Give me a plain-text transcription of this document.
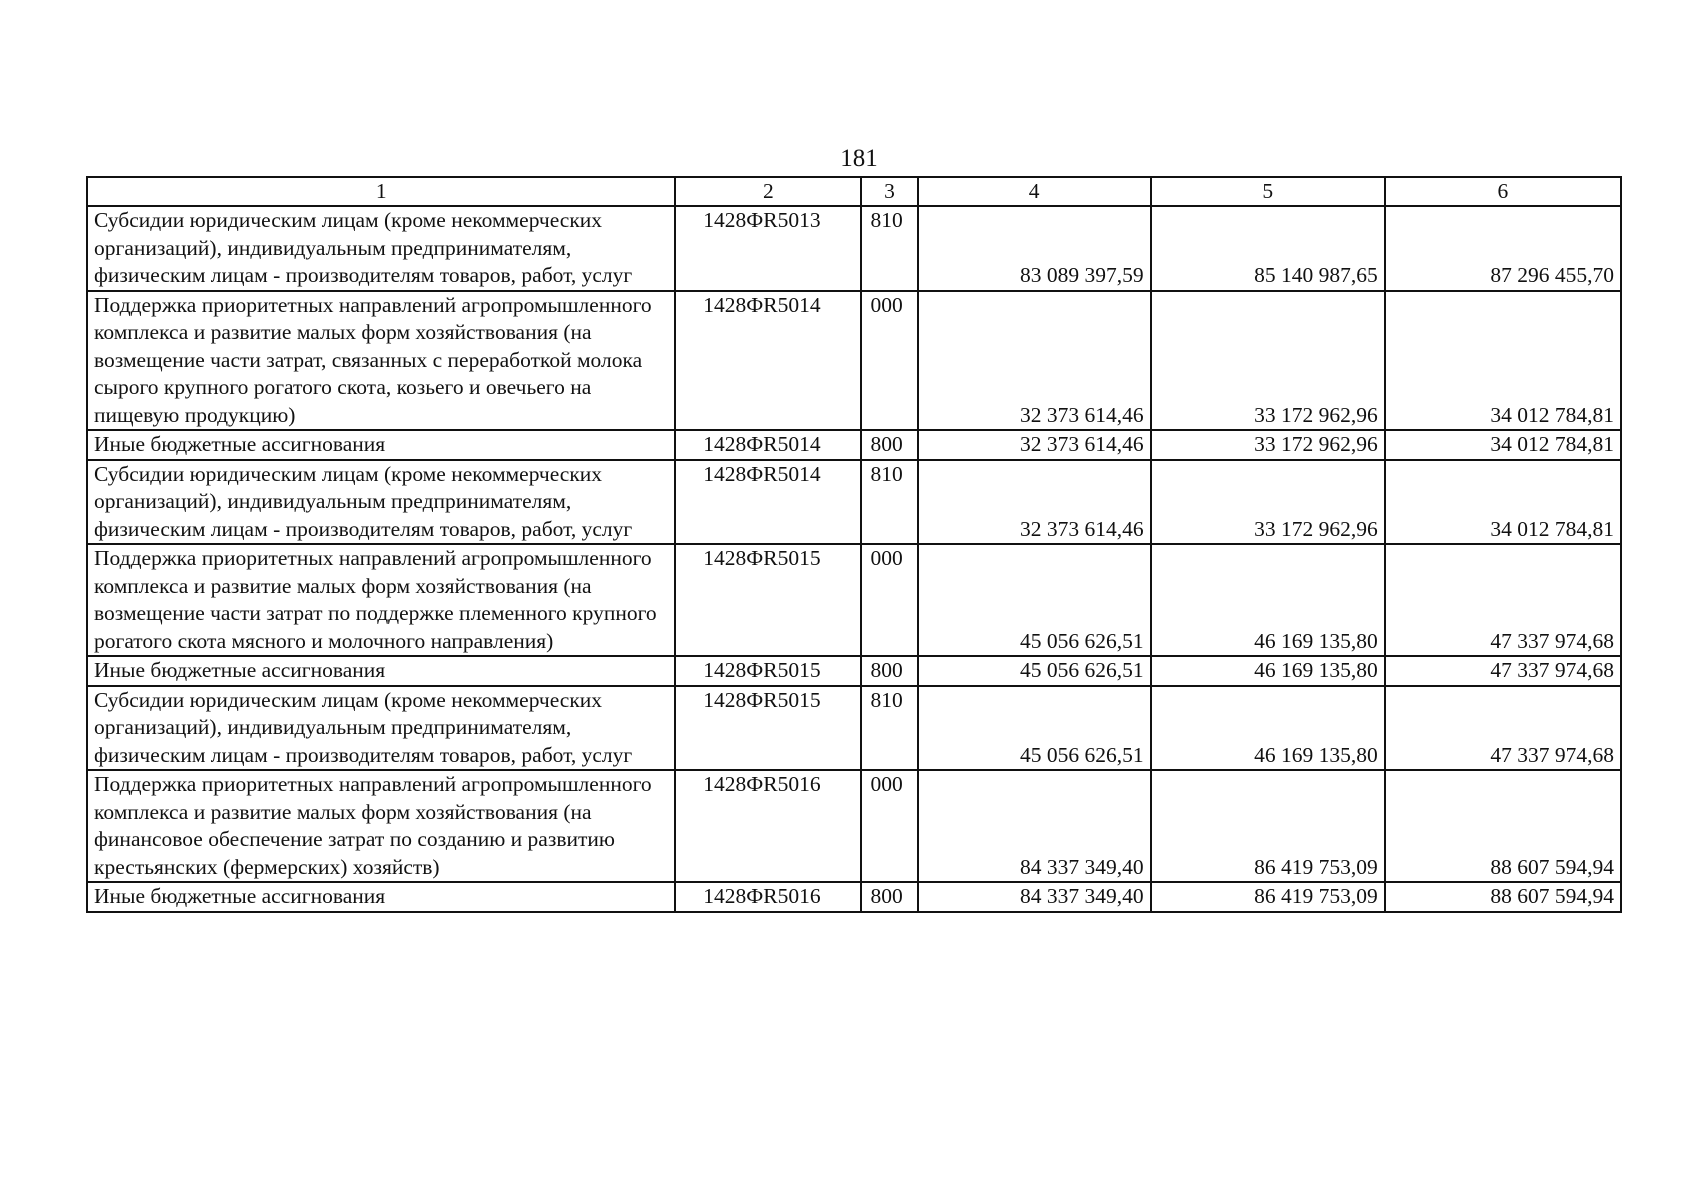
181
1	2	3	4	5	6
Субсидии юридическим лицам (кроме некоммерческих организаций), индивидуальным предпринимателям, физическим лицам - производителям товаров, работ, услуг	1428ФR5013	810	83 089 397,59	85 140 987,65	87 296 455,70
Поддержка приоритетных направлений агропромышленного комплекса и развитие малых форм хозяйствования (на возмещение части затрат, связанных с переработкой молока сырого крупного рогатого скота, козьего и овечьего на пищевую продукцию)	1428ФR5014	000	32 373 614,46	33 172 962,96	34 012 784,81
Иные бюджетные ассигнования	1428ФR5014	800	32 373 614,46	33 172 962,96	34 012 784,81
Субсидии юридическим лицам (кроме некоммерческих организаций), индивидуальным предпринимателям, физическим лицам - производителям товаров, работ, услуг	1428ФR5014	810	32 373 614,46	33 172 962,96	34 012 784,81
Поддержка приоритетных направлений агропромышленного комплекса и развитие малых форм хозяйствования (на возмещение части затрат по поддержке племенного крупного рогатого скота мясного и молочного направления)	1428ФR5015	000	45 056 626,51	46 169 135,80	47 337 974,68
Иные бюджетные ассигнования	1428ФR5015	800	45 056 626,51	46 169 135,80	47 337 974,68
Субсидии юридическим лицам (кроме некоммерческих организаций), индивидуальным предпринимателям, физическим лицам - производителям товаров, работ, услуг	1428ФR5015	810	45 056 626,51	46 169 135,80	47 337 974,68
Поддержка приоритетных направлений агропромышленного комплекса и развитие малых форм хозяйствования (на финансовое обеспечение затрат по созданию и развитию крестьянских (фермерских) хозяйств)	1428ФR5016	000	84 337 349,40	86 419 753,09	88 607 594,94
Иные бюджетные ассигнования	1428ФR5016	800	84 337 349,40	86 419 753,09	88 607 594,94
